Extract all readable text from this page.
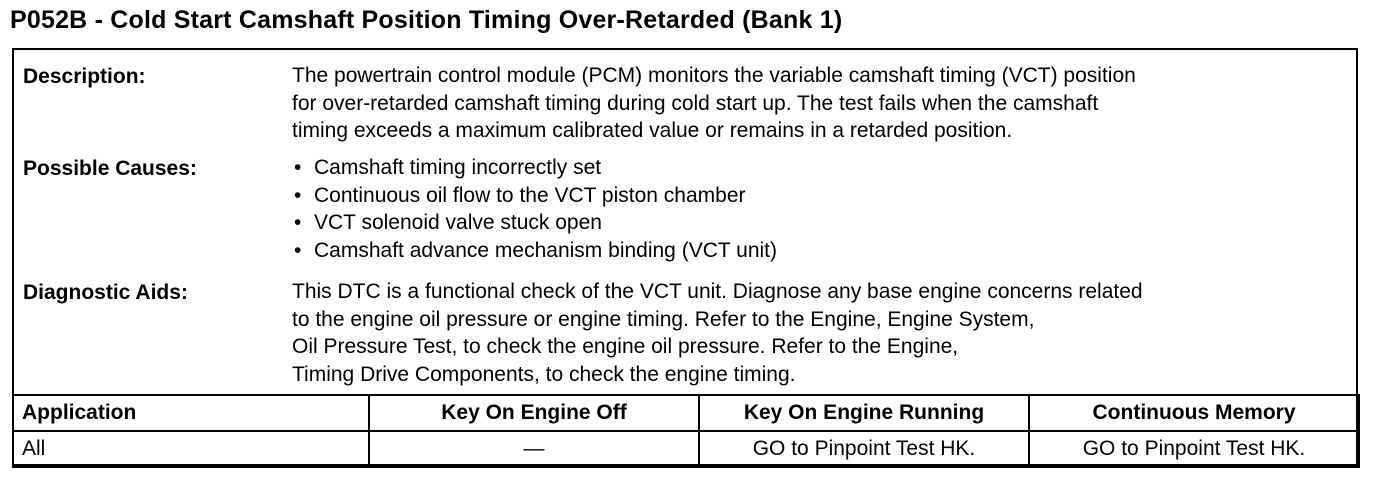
P052B - Cold Start Camshaft Position Timing Over-Retarded (Bank 1)
Description:	The powertrain control module (PCM) monitors the variable camshaft timing (VCT) position
for over-retarded camshaft timing during cold start up. The test fails when the camshaft
timing exceeds a maximum calibrated value or remains in a retarded position.
Possible Causes:	• Camshaft timing incorrectly set
• Continuous oil flow to the VCT piston chamber
• VCT solenoid valve stuck open
• Camshaft advance mechanism binding (VCT unit)
Diagnostic Aids:	This DTC is a functional check of the VCT unit. Diagnose any base engine concerns related
to the engine oil pressure or engine timing. Refer to the Engine, Engine System,
Oil Pressure Test, to check the engine oil pressure. Refer to the Engine,
Timing Drive Components, to check the engine timing.
Application	Key On Engine Off	Key On Engine Running	Continuous Memory
All	—	GO to Pinpoint Test HK.	GO to Pinpoint Test HK.
